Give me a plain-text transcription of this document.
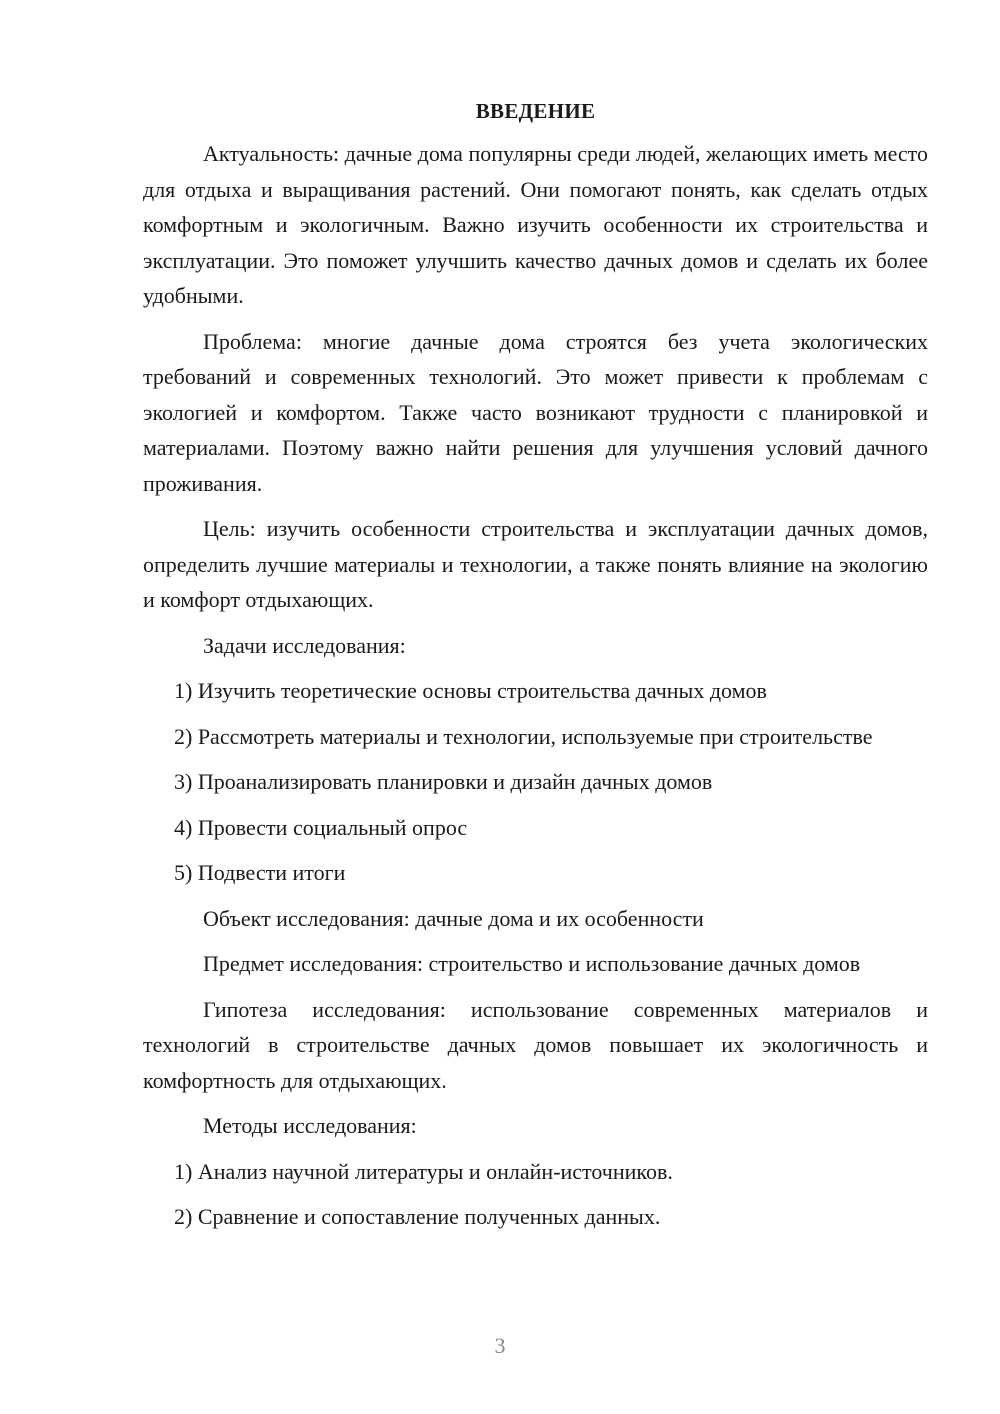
ВВЕДЕНИЕ

Актуальность: дачные дома популярны среди людей, желающих иметь место для отдыха и выращивания растений. Они помогают понять, как сделать отдых комфортным и экологичным. Важно изучить особенности их строительства и эксплуатации. Это поможет улучшить качество дачных домов и сделать их более удобными.

Проблема: многие дачные дома строятся без учета экологических требований и современных технологий. Это может привести к проблемам с экологией и комфортом. Также часто возникают трудности с планировкой и материалами. Поэтому важно найти решения для улучшения условий дачного проживания.

Цель: изучить особенности строительства и эксплуатации дачных домов, определить лучшие материалы и технологии, а также понять влияние на экологию и комфорт отдыхающих.

Задачи исследования:

1) Изучить теоретические основы строительства дачных домов

2) Рассмотреть материалы и технологии, используемые при строительстве

3) Проанализировать планировки и дизайн дачных домов

4) Провести социальный опрос

5) Подвести итоги

Объект исследования: дачные дома и их особенности

Предмет исследования: строительство и использование дачных домов

Гипотеза исследования: использование современных материалов и технологий в строительстве дачных домов повышает их экологичность и комфортность для отдыхающих.

Методы исследования:

1) Анализ научной литературы и онлайн-источников.

2) Сравнение и сопоставление полученных данных.

3
